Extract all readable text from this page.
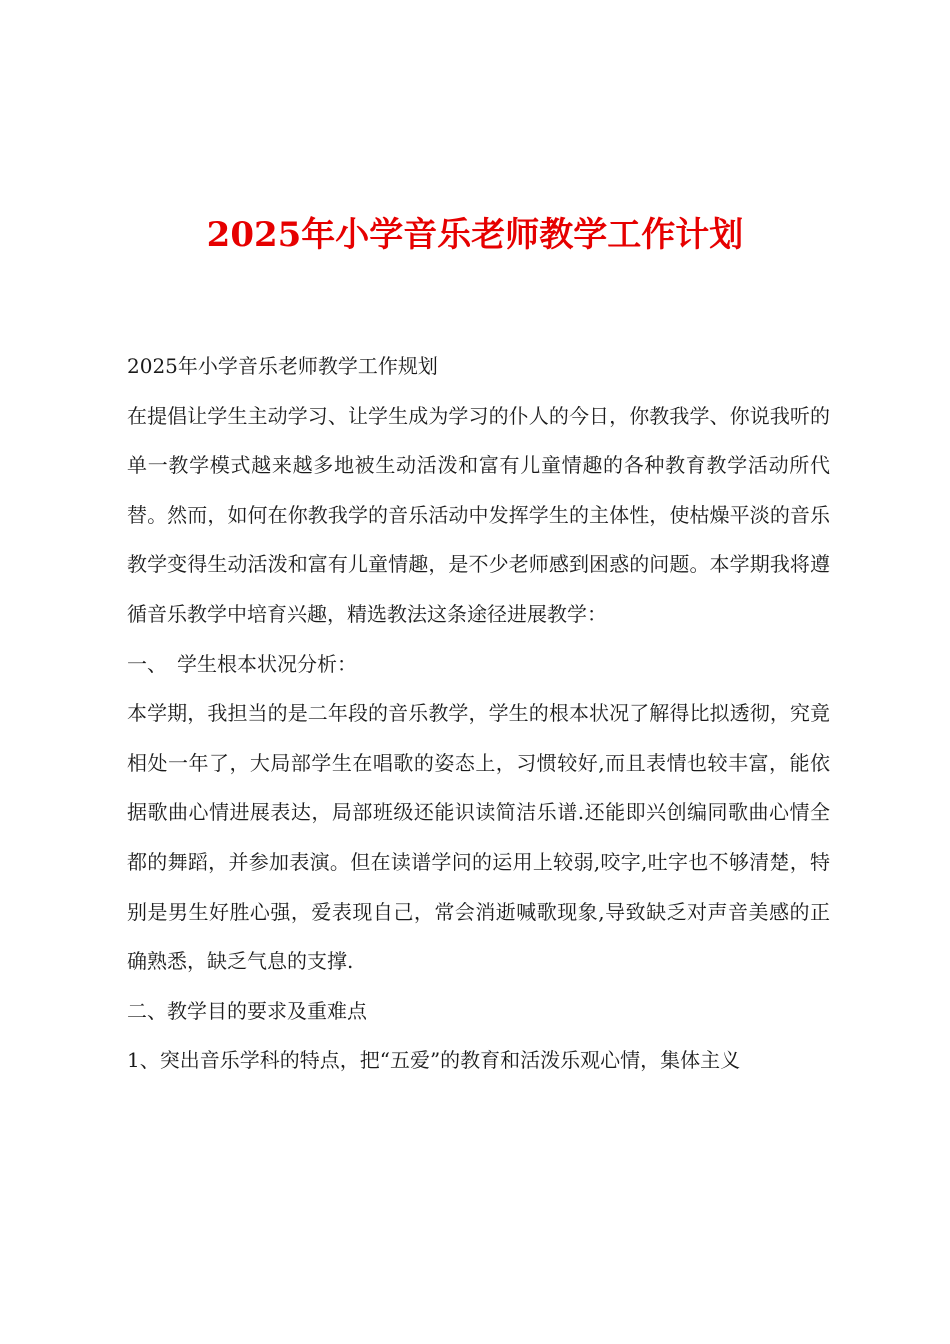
2025年小学音乐老师教学工作计划

2025年小学音乐老师教学工作规划

在提倡让学生主动学习、让学生成为学习的仆人的今日，你教我学、你说我听的单一教学模式越来越多地被生动活泼和富有儿童情趣的各种教育教学活动所代替。然而，如何在你教我学的音乐活动中发挥学生的主体性，使枯燥平淡的音乐教学变得生动活泼和富有儿童情趣，是不少老师感到困惑的问题。本学期我将遵循音乐教学中培育兴趣，精选教法这条途径进展教学：

一、　学生根本状况分析：

本学期，我担当的是二年段的音乐教学，学生的根本状况了解得比拟透彻，究竟相处一年了，大局部学生在唱歌的姿态上，习惯较好,而且表情也较丰富，能依据歌曲心情进展表达，局部班级还能识读简洁乐谱.还能即兴创编同歌曲心情全都的舞蹈，并参加表演。但在读谱学问的运用上较弱,咬字,吐字也不够清楚，特别是男生好胜心强，爱表现自己，常会消逝喊歌现象,导致缺乏对声音美感的正确熟悉，缺乏气息的支撑.

二、教学目的要求及重难点

1、突出音乐学科的特点，把“五爱”的教育和活泼乐观心情，集体主义
